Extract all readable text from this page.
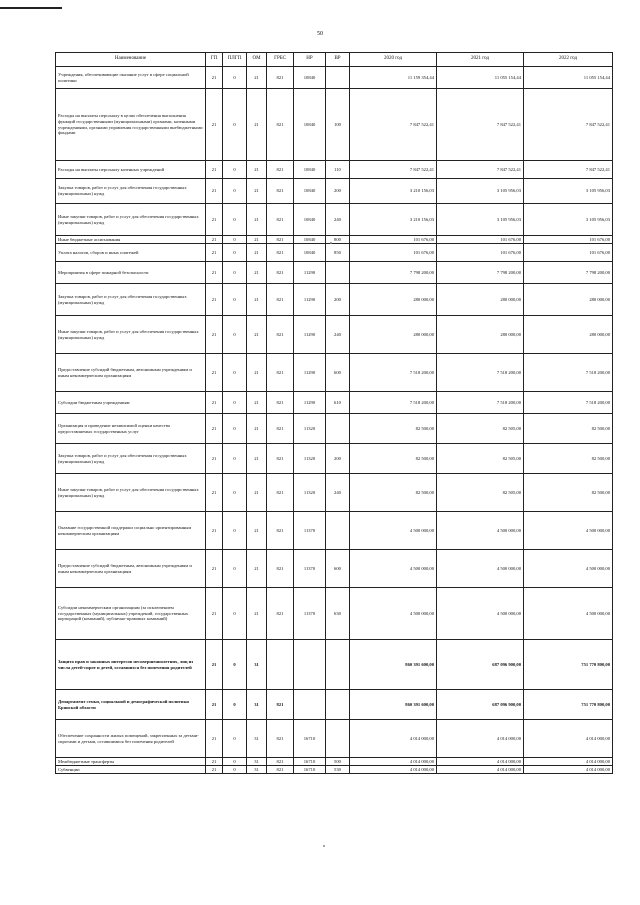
50
Наименование	ГП	ПЛГП	ОМ	ГРБС	НР	ВР	2020 год	2021 год	2022 год
Учреждения, обеспечивающие оказание услуг в сфере социальной политики	21	0	21	821	10840		11 159 354,44	11 055 154,44	11 055 154,44
Расходы на выплаты персоналу в целях обеспечения выполнения функций государственными (муниципальными) органами, казенными учреждениями, органами управления государственными внебюджетными фондами	21	0	21	821	10840	100	7 847 522,41	7 847 522,41	7 847 522,41
Расходы на выплаты персоналу казенных учреждений	21	0	21	821	10840	110	7 847 522,41	7 847 522,41	7 847 522,41
Закупка товаров, работ и услуг для обеспечения государственных (муниципальных) нужд	21	0	21	821	10840	200	3 210 156,03	3 105 956,03	3 105 956,03
Иные закупки товаров, работ и услуг для обеспечения государственных (муниципальных) нужд	21	0	21	821	10840	240	3 210 156,03	3 105 956,03	3 105 956,03
Иные бюджетные ассигнования	21	0	21	821	10840	800	101 676,00	101 676,00	101 676,00
Уплата налогов, сборов и иных платежей	21	0	21	821	10840	850	101 676,00	101 676,00	101 676,00
Мероприятия в сфере пожарной безопасности	21	0	21	821	11290		7 798 200,00	7 798 200,00	7 798 200,00
Закупка товаров, работ и услуг для обеспечения государственных (муниципальных) нужд	21	0	21	821	11290	200	280 000,00	280 000,00	280 000,00
Иные закупки товаров, работ и услуг для обеспечения государственных (муниципальных) нужд	21	0	21	821	11290	240	280 000,00	280 000,00	280 000,00
Предоставление субсидий бюджетным, автономным учреждениям и иным некоммерческим организациям	21	0	21	821	11290	600	7 518 200,00	7 518 200,00	7 518 200,00
Субсидии бюджетным учреждениям	21	0	21	821	11290	610	7 518 200,00	7 518 200,00	7 518 200,00
Организация и проведение независимой оценки качества предоставляемых государственных услуг	21	0	21	821	11320		82 500,00	82 505,00	82 500,00
Закупка товаров, работ и услуг для обеспечения государственных (муниципальных) нужд	21	0	21	821	11320	200	82 500,00	82 505,00	82 500,00
Иные закупки товаров, работ и услуг для обеспечения государственных (муниципальных) нужд	21	0	21	821	11320	240	82 500,00	82 505,00	82 500,00
Оказание государственной поддержки социально ориентированным некоммерческим организациям	21	0	21	821	11370		4 500 000,00	4 500 000,00	4 500 000,00
Предоставление субсидий бюджетным, автономным учреждениям и иным некоммерческим организациям	21	0	21	821	11370	600	4 500 000,00	4 500 000,00	4 500 000,00
Субсидии некоммерческим организациям (за исключением государственных (муниципальных) учреждений, государственных корпораций (компаний), публично-правовых компаний)	21	0	21	821	11370	630	4 500 000,00	4 500 000,00	4 500 000,00
Защита прав и законных интересов несовершеннолетних, лиц из числа детей-сирот и детей, оставшихся без попечения родителей	21	0	31				860 391 600,00	687 096 900,00	751 770 800,00
Департамент семьи, социальной и демографической политики Брянской области	21	0	31	821			860 391 600,00	687 096 900,00	751 770 800,00
Обеспечение сохранности жилых помещений, закрепленных за детьми-сиротами и детьми, оставшимися без попечения родителей	21	0	31	821	16710		4 014 000,00	4 014 000,00	4 014 000,00
Межбюджетные трансферты	21	0	31	821	16710	500	4 014 000,00	4 014 000,00	4 014 000,00
Субвенции	21	0	31	821	16710	530	4 014 000,00	4 014 000,00	4 014 000,00
